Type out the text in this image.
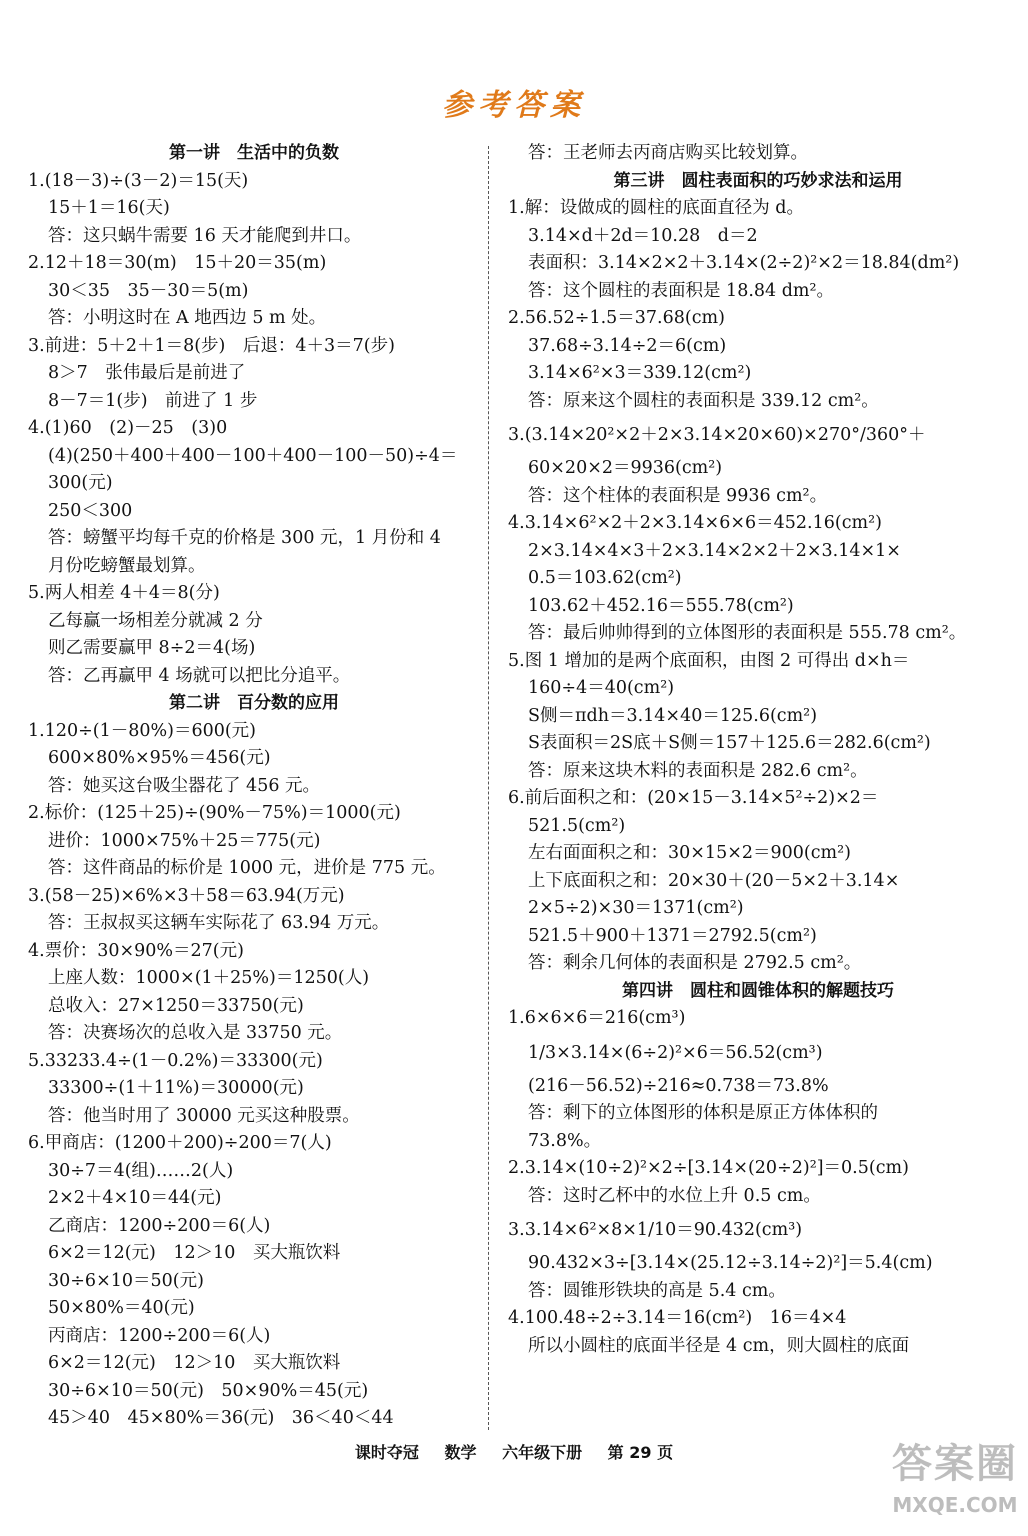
参考答案
第一讲　生活中的负数
1.(18－3)÷(3－2)＝15(天)
15＋1＝16(天)
答：这只蜗牛需要 16 天才能爬到井口。
2.12＋18＝30(m)　15＋20＝35(m)
30＜35　35－30＝5(m)
答：小明这时在 A 地西边 5 m 处。
3.前进：5＋2＋1＝8(步)　后退：4＋3＝7(步)
8＞7　张伟最后是前进了
8－7＝1(步)　前进了 1 步
4.(1)60　(2)－25　(3)0
(4)(250＋400＋400－100＋400－100－50)÷4＝
300(元)
250＜300
答：螃蟹平均每千克的价格是 300 元，1 月份和 4
月份吃螃蟹最划算。
5.两人相差 4＋4＝8(分)
乙每赢一场相差分就减 2 分
则乙需要赢甲 8÷2＝4(场)
答：乙再赢甲 4 场就可以把比分追平。
第二讲　百分数的应用
1.120÷(1－80%)＝600(元)
600×80%×95%＝456(元)
答：她买这台吸尘器花了 456 元。
2.标价：(125＋25)÷(90%－75%)＝1000(元)
进价：1000×75%＋25＝775(元)
答：这件商品的标价是 1000 元，进价是 775 元。
3.(58－25)×6%×3＋58＝63.94(万元)
答：王叔叔买这辆车实际花了 63.94 万元。
4.票价：30×90%＝27(元)
上座人数：1000×(1＋25%)＝1250(人)
总收入：27×1250＝33750(元)
答：决赛场次的总收入是 33750 元。
5.33233.4÷(1－0.2%)＝33300(元)
33300÷(1＋11%)＝30000(元)
答：他当时用了 30000 元买这种股票。
6.甲商店：(1200＋200)÷200＝7(人)
30÷7＝4(组)……2(人)
2×2＋4×10＝44(元)
乙商店：1200÷200＝6(人)
6×2＝12(元)　12＞10　买大瓶饮料
30÷6×10＝50(元)
50×80%＝40(元)
丙商店：1200÷200＝6(人)
6×2＝12(元)　12＞10　买大瓶饮料
30÷6×10＝50(元)　50×90%＝45(元)
45＞40　45×80%＝36(元)　36＜40＜44
答：王老师去丙商店购买比较划算。
第三讲　圆柱表面积的巧妙求法和运用
1.解：设做成的圆柱的底面直径为 d。
3.14×d＋2d＝10.28　d＝2
表面积：3.14×2×2＋3.14×(2÷2)²×2＝18.84(dm²)
答：这个圆柱的表面积是 18.84 dm²。
2.56.52÷1.5＝37.68(cm)
37.68÷3.14÷2＝6(cm)
3.14×6²×3＝339.12(cm²)
答：原来这个圆柱的表面积是 339.12 cm²。
3.(3.14×20²×2＋2×3.14×20×60)×270°/360°＋
60×20×2＝9936(cm²)
答：这个柱体的表面积是 9936 cm²。
4.3.14×6²×2＋2×3.14×6×6＝452.16(cm²)
2×3.14×4×3＋2×3.14×2×2＋2×3.14×1×
0.5＝103.62(cm²)
103.62＋452.16＝555.78(cm²)
答：最后帅帅得到的立体图形的表面积是 555.78 cm²。
5.图 1 增加的是两个底面积，由图 2 可得出 d×h＝
160÷4＝40(cm²)
S侧＝πdh＝3.14×40＝125.6(cm²)
S表面积＝2S底＋S侧＝157＋125.6＝282.6(cm²)
答：原来这块木料的表面积是 282.6 cm²。
6.前后面积之和：(20×15－3.14×5²÷2)×2＝
521.5(cm²)
左右面面积之和：30×15×2＝900(cm²)
上下底面积之和：20×30＋(20－5×2＋3.14×
2×5÷2)×30＝1371(cm²)
521.5＋900＋1371＝2792.5(cm²)
答：剩余几何体的表面积是 2792.5 cm²。
第四讲　圆柱和圆锥体积的解题技巧
1.6×6×6＝216(cm³)
1/3×3.14×(6÷2)²×6＝56.52(cm³)
(216－56.52)÷216≈0.738＝73.8%
答：剩下的立体图形的体积是原正方体体积的
73.8%。
2.3.14×(10÷2)²×2÷[3.14×(20÷2)²]＝0.5(cm)
答：这时乙杯中的水位上升 0.5 cm。
3.3.14×6²×8×1/10＝90.432(cm³)
90.432×3÷[3.14×(25.12÷3.14÷2)²]＝5.4(cm)
答：圆锥形铁块的高是 5.4 cm。
4.100.48÷2÷3.14＝16(cm²)　16＝4×4
所以小圆柱的底面半径是 4 cm，则大圆柱的底面
课时夺冠 数学 六年级下册 第 29 页	答案圈
MXQE.COM
